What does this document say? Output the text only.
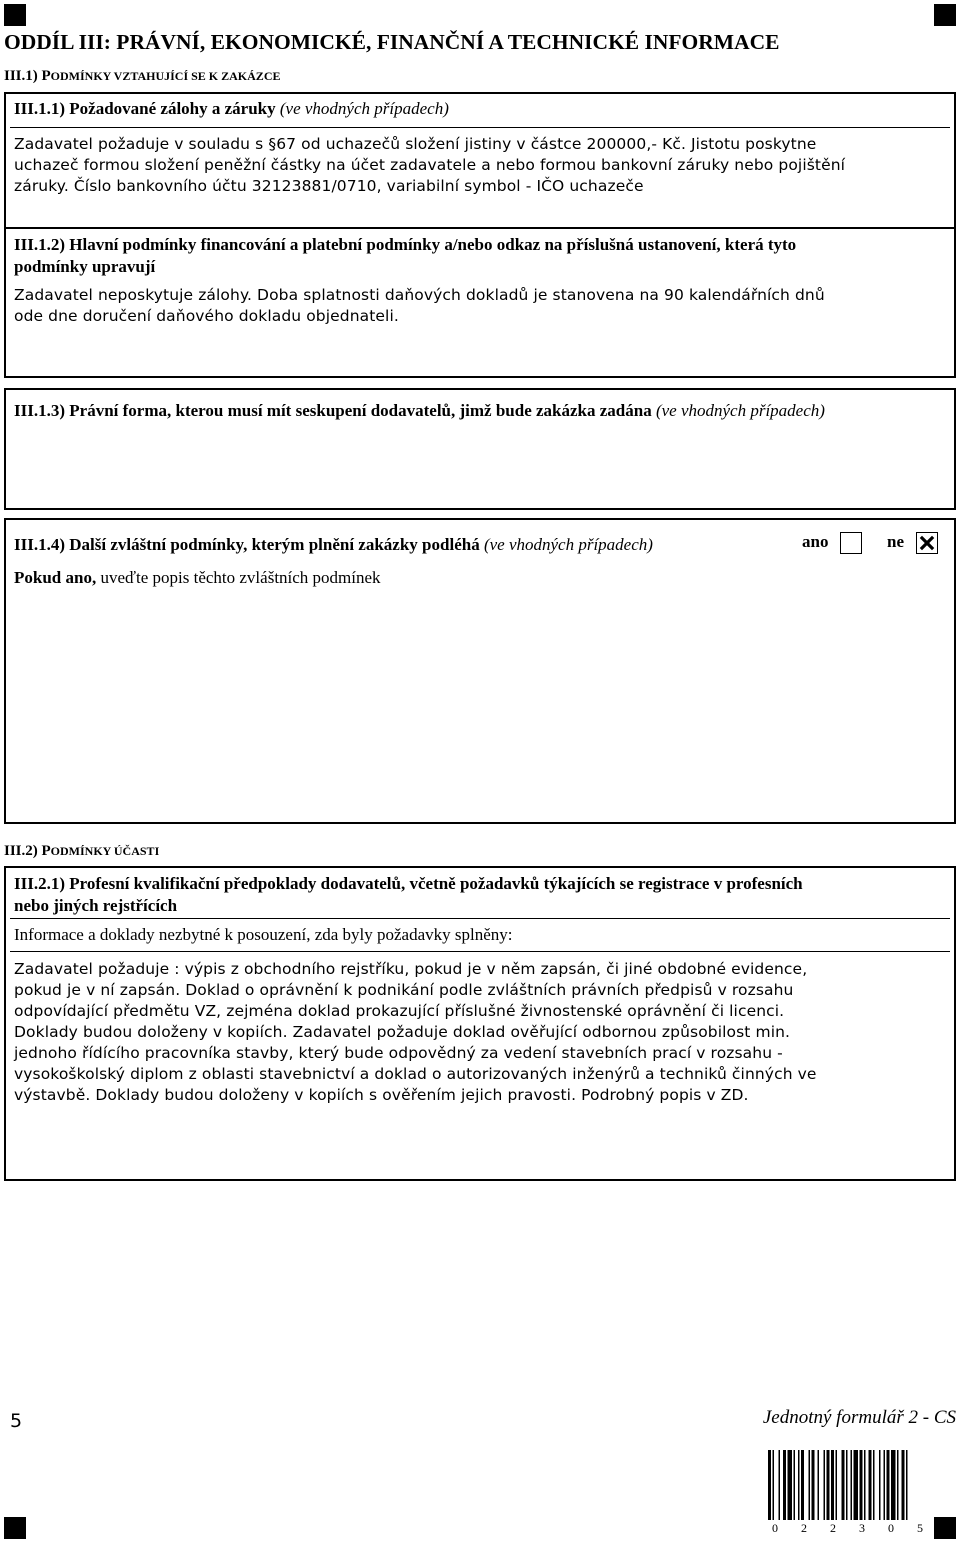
ODDÍL III: PRÁVNÍ, EKONOMICKÉ, FINANČNÍ A TECHNICKÉ INFORMACE
III.1) PODMÍNKY VZTAHUJÍCÍ SE K ZAKÁZCE
III.1.1) Požadované zálohy a záruky (ve vhodných případech)
Zadavatel požaduje v souladu s §67 od uchazečů složení jistiny v částce 200000,- Kč. Jistotu poskytne
uchazeč formou složení peněžní částky na účet zadavatele a nebo formou bankovní záruky nebo pojištění
záruky. Číslo bankovního účtu 32123881/0710, variabilní symbol - IČO uchazeče
III.1.2) Hlavní podmínky financování a platební podmínky a/nebo odkaz na příslušná ustanovení, která tyto
podmínky upravují
Zadavatel neposkytuje zálohy. Doba splatnosti daňových dokladů je stanovena na 90 kalendářních dnů
ode dne doručení daňového dokladu objednateli.
III.1.3) Právní forma, kterou musí mít seskupení dodavatelů, jimž bude zakázka zadána (ve vhodných případech)
III.1.4) Další zvláštní podmínky, kterým plnění zakázky podléhá (ve vhodných případech)	ano	ne
Pokud ano, uveďte popis těchto zvláštních podmínek
III.2) PODMÍNKY ÚČASTI
III.2.1) Profesní kvalifikační předpoklady dodavatelů, včetně požadavků týkajících se registrace v profesních
nebo jiných rejstřících
Informace a doklady nezbytné k posouzení, zda byly požadavky splněny:
Zadavatel požaduje : výpis z obchodního rejstříku, pokud je v něm zapsán, či jiné obdobné evidence,
pokud je v ní zapsán. Doklad o oprávnění k podnikání podle zvláštních právních předpisů v rozsahu
odpovídající předmětu VZ, zejména doklad prokazující příslušné živnostenské oprávnění či licenci.
Doklady budou doloženy v kopiích. Zadavatel požaduje doklad ověřující odbornou způsobilost min.
jednoho řídícího pracovníka stavby, který bude odpovědný za vedení stavebních prací v rozsahu -
vysokoškolský diplom z oblasti stavebnictví a doklad o autorizovaných inženýrů a techniků činných ve
výstavbě. Doklady budou doloženy v kopiích s ověřením jejich pravosti. Podrobný popis v ZD.
5	Jednotný formulář 2 - CS
0 2 2 3 0 5 1
